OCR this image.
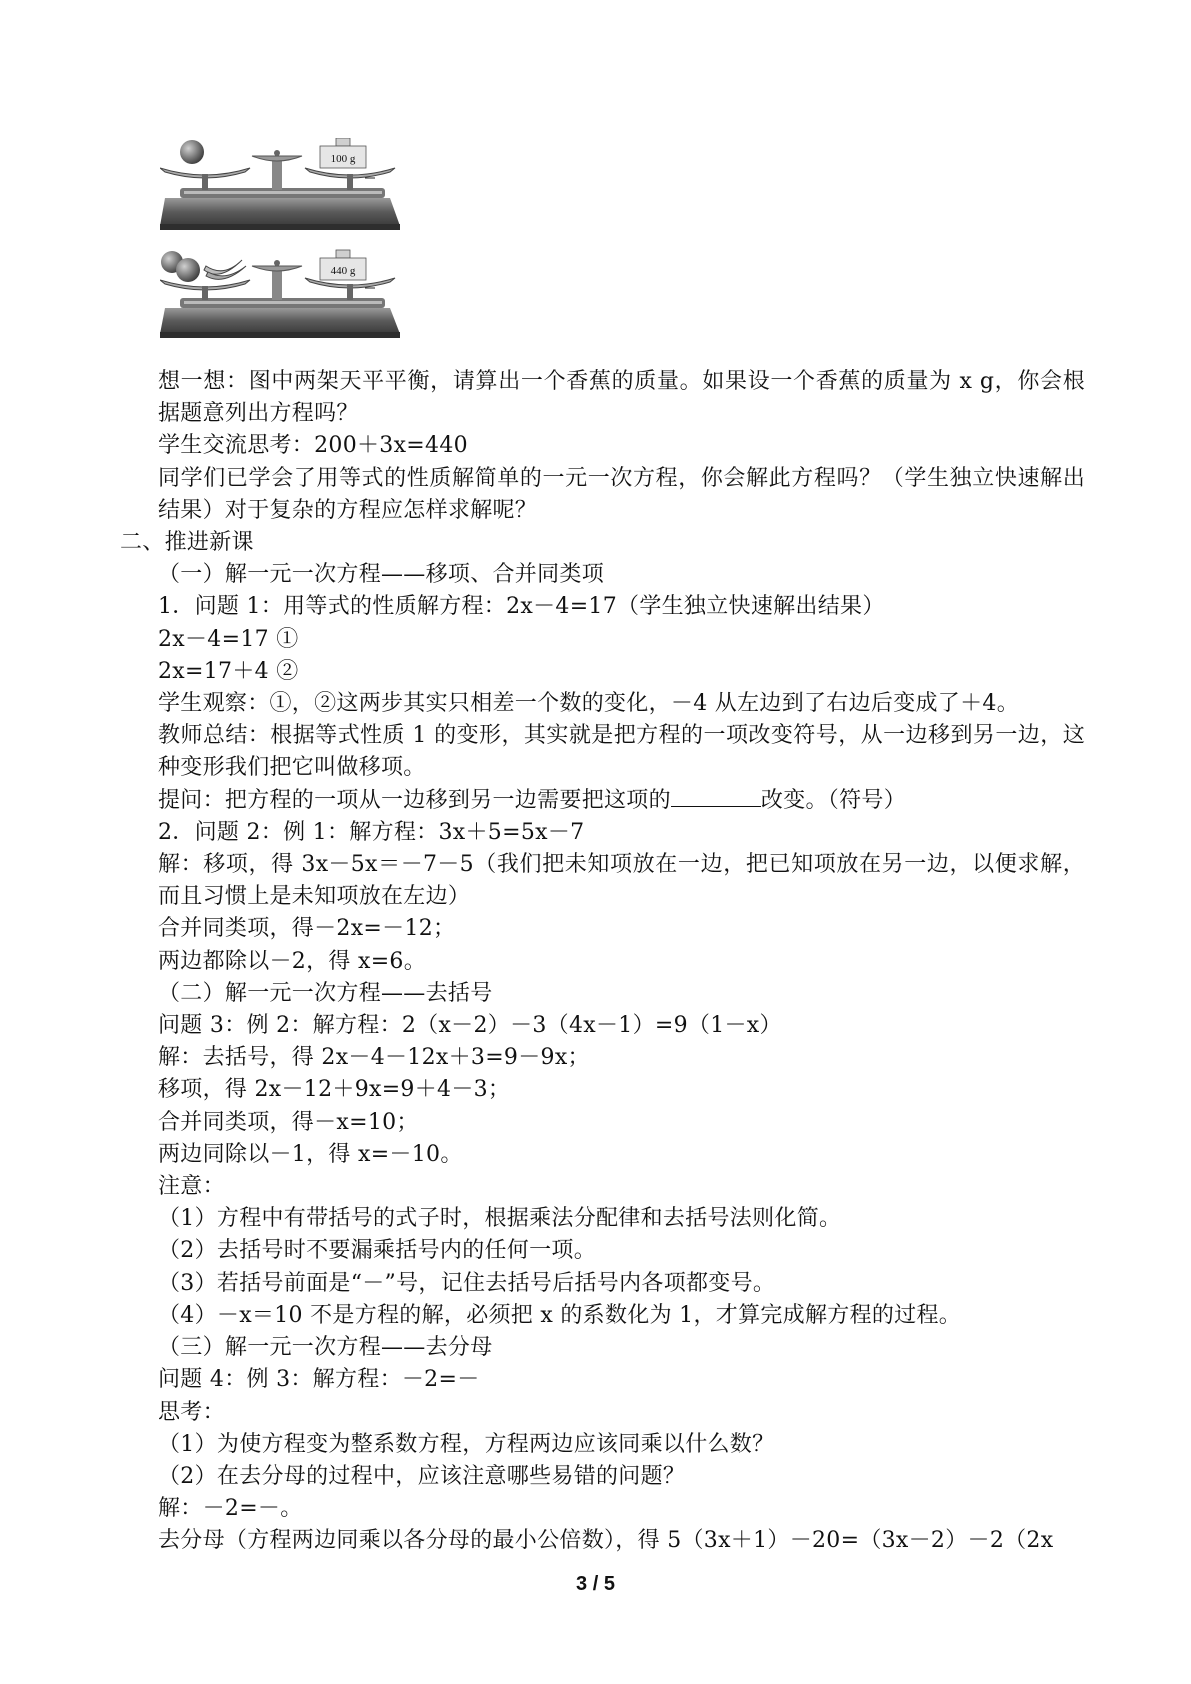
100 g
440 g

想一想：图中两架天平平衡，请算出一个香蕉的质量。如果设一个香蕉的质量为 x g，你会根据题意列出方程吗？

学生交流思考：200＋3x=440

同学们已学会了用等式的性质解简单的一元一次方程，你会解此方程吗？（学生独立快速解出结果）对于复杂的方程应怎样求解呢？

二、推进新课

（一）解一元一次方程——移项、合并同类项

1．问题 1：用等式的性质解方程：2x－4=17（学生独立快速解出结果）

2x－4=17 ①

2x=17＋4 ②

学生观察：①，②这两步其实只相差一个数的变化，－4 从左边到了右边后变成了＋4。

教师总结：根据等式性质 1 的变形，其实就是把方程的一项改变符号，从一边移到另一边，这种变形我们把它叫做移项。

提问：把方程的一项从一边移到另一边需要把这项的	改变。（符号）

2．问题 2：例 1：解方程：3x＋5=5x－7

解：移项，得 3x－5x＝－7－5（我们把未知项放在一边，把已知项放在另一边，以便求解，而且习惯上是未知项放在左边）

合并同类项，得－2x=－12；

两边都除以－2，得 x=6。

（二）解一元一次方程——去括号

问题 3：例 2：解方程：2（x－2）－3（4x－1）=9（1－x）

解：去括号，得 2x－4－12x＋3=9－9x；

移项，得 2x－12＋9x=9＋4－3；

合并同类项，得－x=10；

两边同除以－1，得 x=－10。

注意：

（1）方程中有带括号的式子时，根据乘法分配律和去括号法则化简。

（2）去括号时不要漏乘括号内的任何一项。

（3）若括号前面是“－”号，记住去括号后括号内各项都变号。

（4）－x＝10 不是方程的解，必须把 x 的系数化为 1，才算完成解方程的过程。

（三）解一元一次方程——去分母

问题 4：例 3：解方程：－2=－

思考：

（1）为使方程变为整系数方程，方程两边应该同乘以什么数？

（2）在去分母的过程中，应该注意哪些易错的问题？

解：－2=－。

去分母（方程两边同乘以各分母的最小公倍数），得 5（3x＋1）－20=（3x－2）－2（2x

3 / 5
